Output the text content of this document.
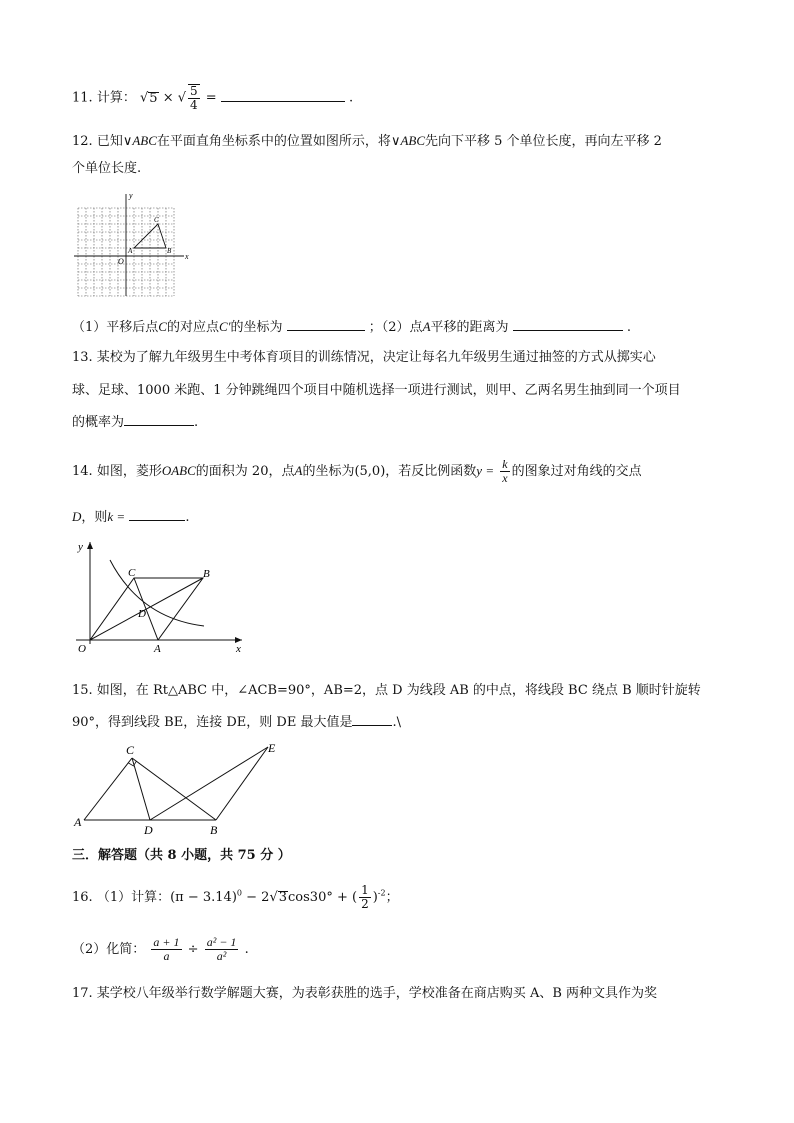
11. 计算： √5 × √ $\frac{5}{4}$ =	.
12. 已知∨ABC在平面直角坐标系中的位置如图所示，将∨ABC先向下平移 5 个单位长度，再向左平移 2
个单位长度.
y
x
O
A	B
C
（1）平移后点C的对应点C′的坐标为	；（2）点A平移的距离为	.
13. 某校为了解九年级男生中考体育项目的训练情况，决定让每名九年级男生通过抽签的方式从掷实心
球、足球、1000 米跑、1 分钟跳绳四个项目中随机选择一项进行测试，则甲、乙两名男生抽到同一个项目
的概率为	.
14. 如图，菱形OABC的面积为 20，点A的坐标为(5,0)，若反比例函数$y = \frac{k}{x}$ 的图象过对角线的交点
D，则k =	.
y
x
O	A
B
C
D
15. 如图，在 Rt△ABC 中，∠ACB=90°，AB=2，点 D 为线段 AB 的中点，将线段 BC 绕点 B 顺时针旋转
90°，得到线段 BE，连接 DE，则 DE 最大值是	.\
A
B
C
D
E
三．解答题（共 8 小题，共 75 分 ）
16. （1）计算：$(\pi - 3.14)^0 - 2√3\cos 30^\circ$ + ( $\frac{1}{2} )^{-2}$；
（2）化简： $\frac{a + 1}{a} \div \frac{\text{a² − 1}}{\text{a²}}$ .
17. 某学校八年级举行数学解题大赛，为表彰获胜的选手，学校准备在商店购买 A、B 两种文具作为奖
